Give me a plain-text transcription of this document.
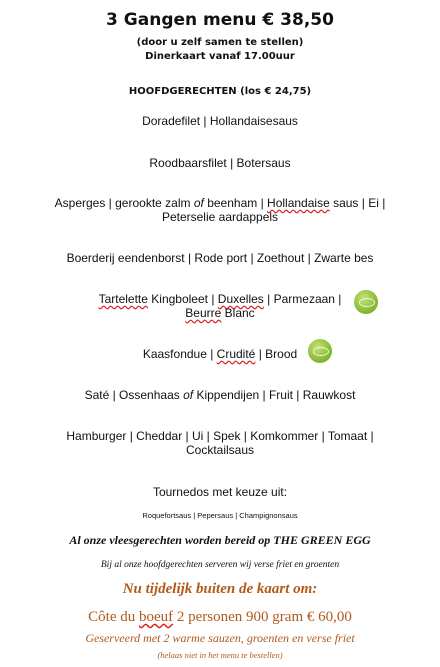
3 Gangen menu € 38,50
(door u zelf samen te stellen)
Dinerkaart vanaf 17.00uur
HOOFDGERECHTEN (los € 24,75)
Doradefilet | Hollandaisesaus
Roodbaarsfilet | Botersaus
Asperges | gerookte zalm of beenham | Hollandaise saus | Ei |
Peterselie aardappels
Boerderij eendenborst | Rode port | Zoethout | Zwarte bes
Tartelette Kingboleet | Duxelles | Parmezaan |
Beurre Blanc
Kaasfondue | Crudité | Brood
Saté | Ossenhaas of Kippendijen | Fruit | Rauwkost
Hamburger | Cheddar | Ui | Spek | Komkommer | Tomaat |
Cocktailsaus
Tournedos met keuze uit:
Roquefortsaus | Pepersaus | Champignonsaus
Al onze vleesgerechten worden bereid op THE GREEN EGG
Bij al onze hoofdgerechten serveren wij verse friet en groenten
Nu tijdelijk buiten de kaart om:
Côte du boeuf 2 personen 900 gram € 60,00
Geserveerd met 2 warme sauzen, groenten en verse friet
(helaas niet in het menu te bestellen)
